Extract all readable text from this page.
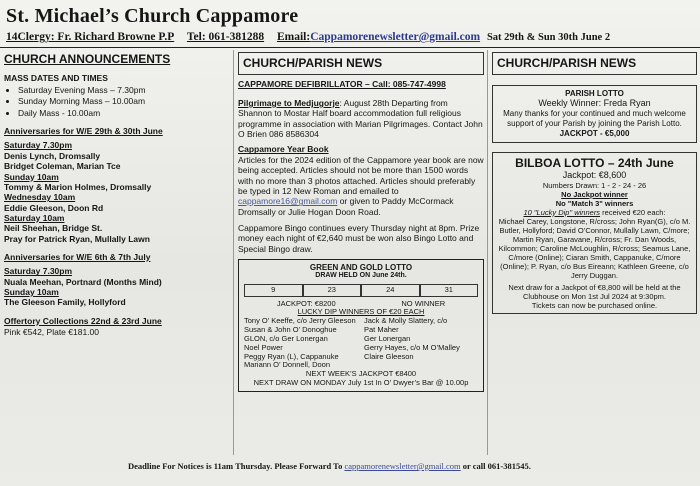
St. Michael’s Church Cappamore
14Clergy: Fr. Richard Browne P.P Tel: 061-381288 Email:Cappamorenewsletter@gmail.com Sat 29th & Sun 30th June 2
CHURCH ANNOUNCEMENTS
MASS DATES AND TIMES
• Saturday Evening Mass – 7.30pm
• Sunday Morning Mass – 10.00am
• Daily Mass - 10.00am
Anniversaries for W/E 29th & 30th June

Saturday 7.30pm

Denis Lynch, Dromsally

Bridget Coleman, Marian Tce

Sunday 10am

Tommy & Marion Holmes, Dromsally

Wednesday 10am

Eddie Gleeson, Doon Rd

Saturday 10am

Neil Sheehan, Bridge St.

Pray for Patrick Ryan, Mullally Lawn

Anniversaries for W/E 6th & 7th July

Saturday 7.30pm

Nuala Meehan, Portnard (Months Mind)

Sunday 10am

The Gleeson Family, Hollyford

Offertory Collections 22nd & 23rd June

Pink €542, Plate €181.00

CHURCH/PARISH NEWS
CAPPAMORE DEFIBRILLATOR – Call: 085-747-4998
Pilgrimage to Medjugorje: August 28th Departing from Shannon to Mostar Half board accommodation full religious programme in association with Marian Pilgrimages. Contact John O Brien 086 8586304

Cappamore Year Book

Articles for the 2024 edition of the Cappamore year book are now being accepted. Articles should not be more than 1500 words with no more than 3 photos attached. Articles should preferably be typed in 12 New Roman and emailed to cappamore16@gmail.com or given to Paddy McCormack Dromsally or Julie Hogan Doon Road.
Cappamore Bingo continues every Thursday night at 8pm. Prize money each night of €2,640 must be won also Bingo Lotto and Special Bingo draw.
GREEN AND GOLD LOTTO
DRAW HELD ON June 24th.
9	23	24	31
JACKPOT: €8200	NO WINNER
LUCKY DIP WINNERS OF €20 EACH
Tony O’ Keeffe, c/o Jerry Gleeson	Jack & Molly Slattery, c/o
Susan & John O’ Donoghue	Pat Maher
GLON, c/o Ger Lonergan	Ger Lonergan
Noel Power	Gerry Hayes, c/o M O’Malley
Peggy Ryan (L), Cappanuke	Claire Gleeson
Mariann O’ Donnell, Doon
NEXT WEEK’S JACKPOT €8400
NEXT DRAW ON MONDAY July 1st In O’ Dwyer’s Bar @ 10.00p
CHURCH/PARISH NEWS

PARISH LOTTO

Weekly Winner: Freda Ryan

Many thanks for your continued and much welcome support of your Parish by joining the Parish Lotto.

JACKPOT - €5,000

BILBOA LOTTO – 24th June

Jackpot: €8,600

Numbers Drawn: 1 - 2 - 24 - 26

No Jackpot winner

No "Match 3" winners

10 "Lucky Dip" winners received €20 each:

Michael Carey, Longstone, R/cross; John Ryan(G), c/o M. Butler, Hollyford; David O’Connor, Mullally Lawn, C/more; Martin Ryan, Garavane, R/cross; Fr. Dan Woods, Kilcommon; Caroline McLoughlin, R/cross; Seamus Lane, C/more (Online); Ciaran Smith, Cappanuke, C/more (Online); P. Ryan, c/o Bus Eireann; Kathleen Greene, c/o Jerry Duggan.

Next draw for a Jackpot of €8,800 will be held at the Clubhouse on Mon 1st Jul 2024 at 9:30pm.

Tickets can now be purchased online.

Deadline For Notices is 11am Thursday. Please Forward To cappamorenewsletter@gmail.com or call 061-381545.
